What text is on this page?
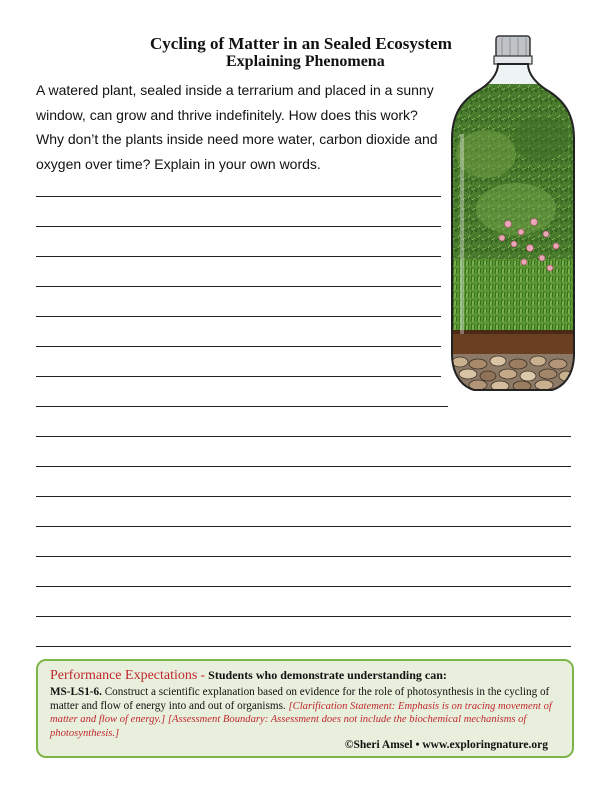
Cycling of Matter in an Sealed Ecosystem
Explaining Phenomena
A watered plant, sealed inside a terrarium and placed in a sunny window, can grow and thrive indefinitely. How does this work? Why don’t the plants inside need more water, carbon dioxide and oxygen over time? Explain in your own words.
Performance Expectations - Students who demonstrate understanding can:
MS-LS1-6. Construct a scientific explanation based on evidence for the role of photosynthesis in the cycling of matter and flow of energy into and out of organisms. [Clarification Statement: Emphasis is on tracing movement of matter and flow of energy.] [Assessment Boundary: Assessment does not include the biochemical mechanisms of photosynthesis.]
©Sheri Amsel • www.exploringnature.org
